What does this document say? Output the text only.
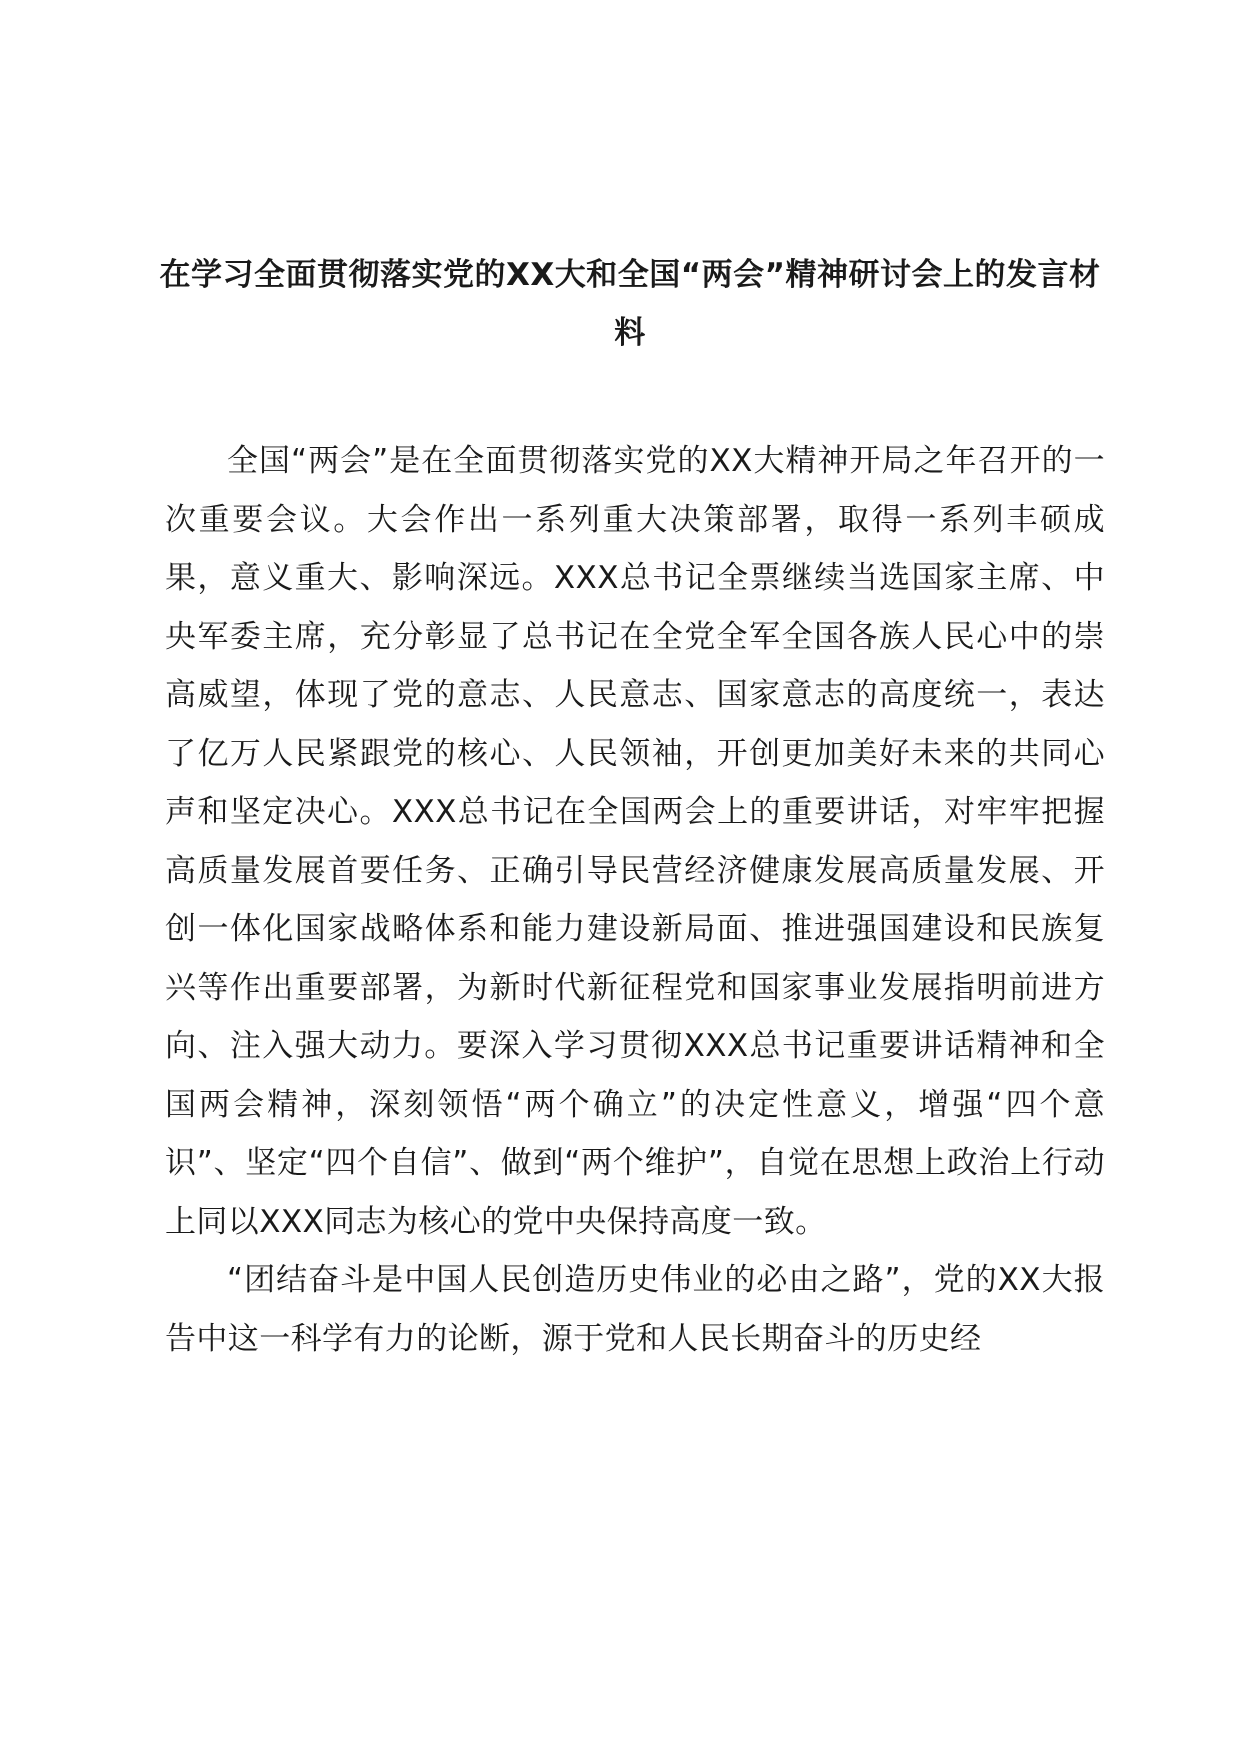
在学习全面贯彻落实党的XX大和全国“两会”精神研讨会上的发言材料

全国“两会”是在全面贯彻落实党的XX大精神开局之年召开的一次重要会议。大会作出一系列重大决策部署，取得一系列丰硕成果，意义重大、影响深远。XXX总书记全票继续当选国家主席、中央军委主席，充分彰显了总书记在全党全军全国各族人民心中的崇高威望，体现了党的意志、人民意志、国家意志的高度统一，表达了亿万人民紧跟党的核心、人民领袖，开创更加美好未来的共同心声和坚定决心。XXX总书记在全国两会上的重要讲话，对牢牢把握高质量发展首要任务、正确引导民营经济健康发展高质量发展、开创一体化国家战略体系和能力建设新局面、推进强国建设和民族复兴等作出重要部署，为新时代新征程党和国家事业发展指明前进方向、注入强大动力。要深入学习贯彻XXX总书记重要讲话精神和全国两会精神，深刻领悟“两个确立”的决定性意义，增强“四个意识”、坚定“四个自信”、做到“两个维护”，自觉在思想上政治上行动上同以XXX同志为核心的党中央保持高度一致。

“团结奋斗是中国人民创造历史伟业的必由之路”，党的XX大报告中这一科学有力的论断，源于党和人民长期奋斗的历史经
